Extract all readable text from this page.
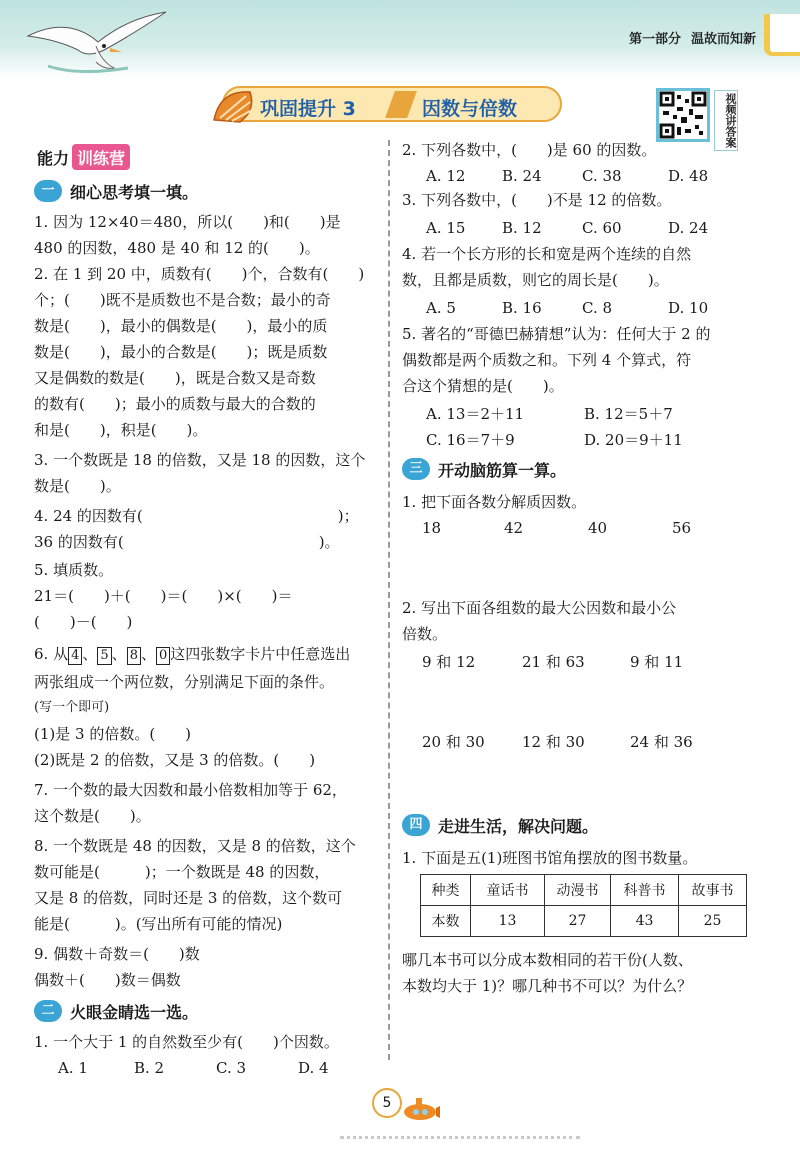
第一部分 温故而知新
巩固提升 3	因数与倍数	视频讲答案
能力 训练营
一 细心思考填一填。
1. 因为 12×40＝480，所以(　　)和(　　)是
480 的因数，480 是 40 和 12 的(　　)。
2. 在 1 到 20 中，质数有(　　)个，合数有(　　)
个；(　　)既不是质数也不是合数；最小的奇
数是(　　)，最小的偶数是(　　)，最小的质
数是(　　)，最小的合数是(　　)；既是质数
又是偶数的数是(　　)，既是合数又是奇数
的数有(　　)；最小的质数与最大的合数的
和是(　　)，积是(　　)。
3. 一个数既是 18 的倍数，又是 18 的因数，这个
数是(　　)。
4. 24 的因数有(　　　　　　　　　　　　　)；
36 的因数有(　　　　　　　　　　　　　)。
5. 填质数。
21＝(　　)＋(　　)＝(　　)×(　　)＝
(　　)－(　　)
6. 从 4 、 5 、 8 、 0 这四张数字卡片中任意选出
两张组成一个两位数，分别满足下面的条件。
(写一个即可)
(1)是 3 的倍数。(　　)
(2)既是 2 的倍数，又是 3 的倍数。(　　)
7. 一个数的最大因数和最小倍数相加等于 62，
这个数是(　　)。
8. 一个数既是 48 的因数，又是 8 的倍数，这个
数可能是(　　　)；一个数既是 48 的因数，
又是 8 的倍数，同时还是 3 的倍数，这个数可
能是(　　　)。(写出所有可能的情况)
9. 偶数＋奇数＝(　　)数
偶数＋(　　)数＝偶数
二 火眼金睛选一选。
1. 一个大于 1 的自然数至少有(　　)个因数。
A. 1	B. 2	C. 3	D. 4
2. 下列各数中，(　　)是 60 的因数。
A. 12 B. 24	C. 38	D. 48
3. 下列各数中，(　　)不是 12 的倍数。
A. 15 B. 12	C. 60	D. 24
4. 若一个长方形的长和宽是两个连续的自然
数，且都是质数，则它的周长是(　　)。
A. 5	B. 16	C. 8	D. 10
5. 著名的“哥德巴赫猜想”认为：任何大于 2 的
偶数都是两个质数之和。下列 4 个算式，符
合这个猜想的是(　　)。
A. 13＝2＋11	B. 12＝5＋7
C. 16＝7＋9	D. 20＝9＋11
三 开动脑筋算一算。
1. 把下面各数分解质因数。
18	42	40	56
2. 写出下面各组数的最大公因数和最小公
倍数。
9 和 12	21 和 63	9 和 11
20 和 30 12 和 30	24 和 36
四 走进生活，解决问题。
1. 下面是五(1)班图书馆角摆放的图书数量。
种类	童话书	动漫书	科普书	故事书
本数	13	27	43	25
哪几本书可以分成本数相同的若干份(人数、
本数均大于 1)？哪几种书不可以？为什么？
5
